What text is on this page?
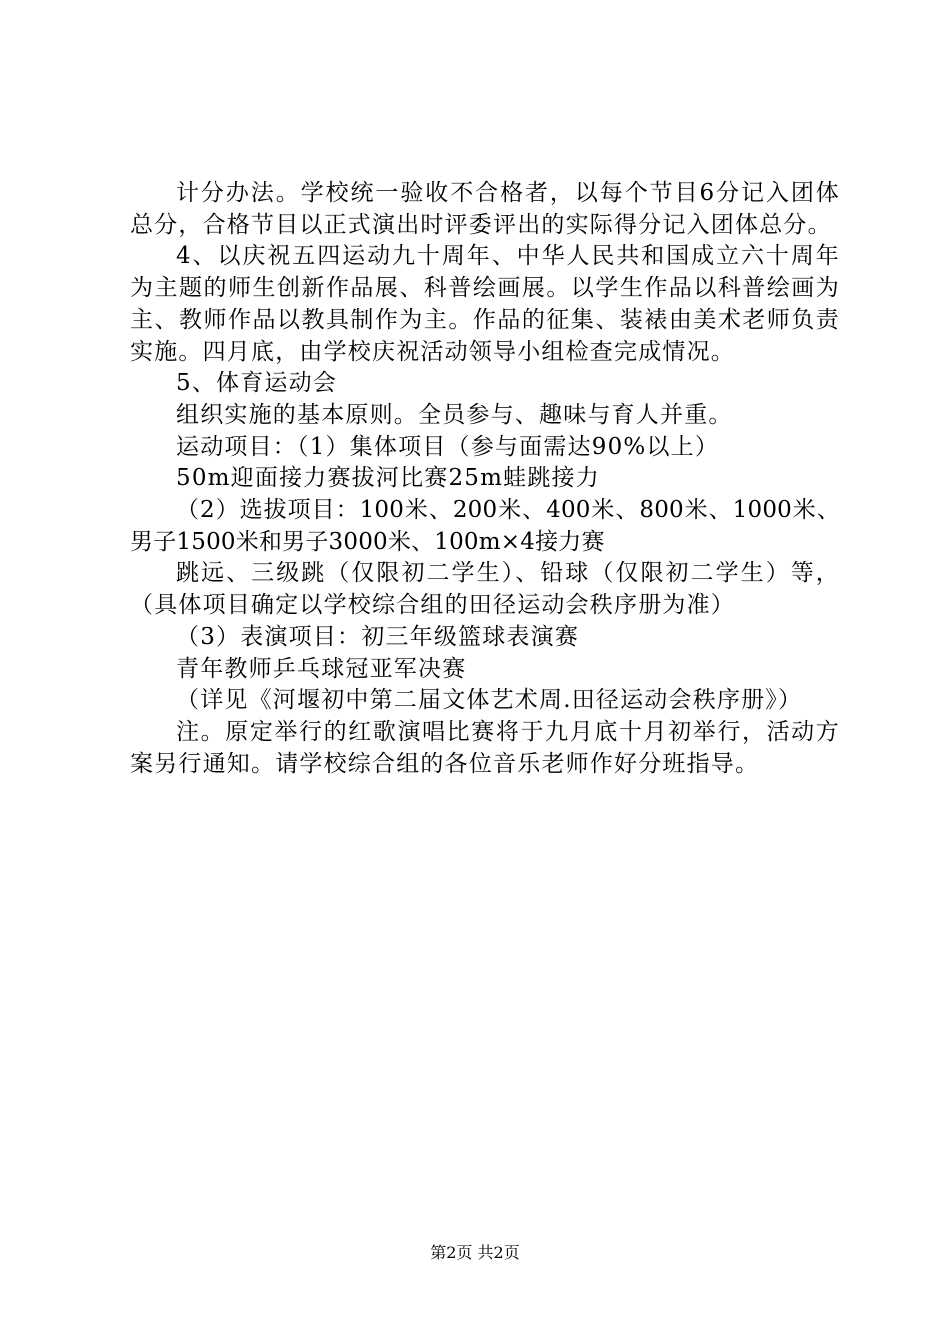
计分办法。学校统一验收不合格者，以每个节目6分记入团体总分，合格节目以正式演出时评委评出的实际得分记入团体总分。

4、以庆祝五四运动九十周年、中华人民共和国成立六十周年为主题的师生创新作品展、科普绘画展。以学生作品以科普绘画为主、教师作品以教具制作为主。作品的征集、装裱由美术老师负责实施。四月底，由学校庆祝活动领导小组检查完成情况。

5、体育运动会

组织实施的基本原则。全员参与、趣味与育人并重。

运动项目：（1）集体项目（参与面需达90%以上）

50m迎面接力赛拔河比赛25m蛙跳接力

（2）选拔项目：100米、200米、400米、800米、1000米、男子1500米和男子3000米、100m×4接力赛

跳远、三级跳（仅限初二学生）、铅球（仅限初二学生）等，（具体项目确定以学校综合组的田径运动会秩序册为准）

（3）表演项目：初三年级篮球表演赛

青年教师乒乓球冠亚军决赛

（详见《河堰初中第二届文体艺术周.田径运动会秩序册》）

注。原定举行的红歌演唱比赛将于九月底十月初举行，活动方案另行通知。请学校综合组的各位音乐老师作好分班指导。

第2页 共2页
